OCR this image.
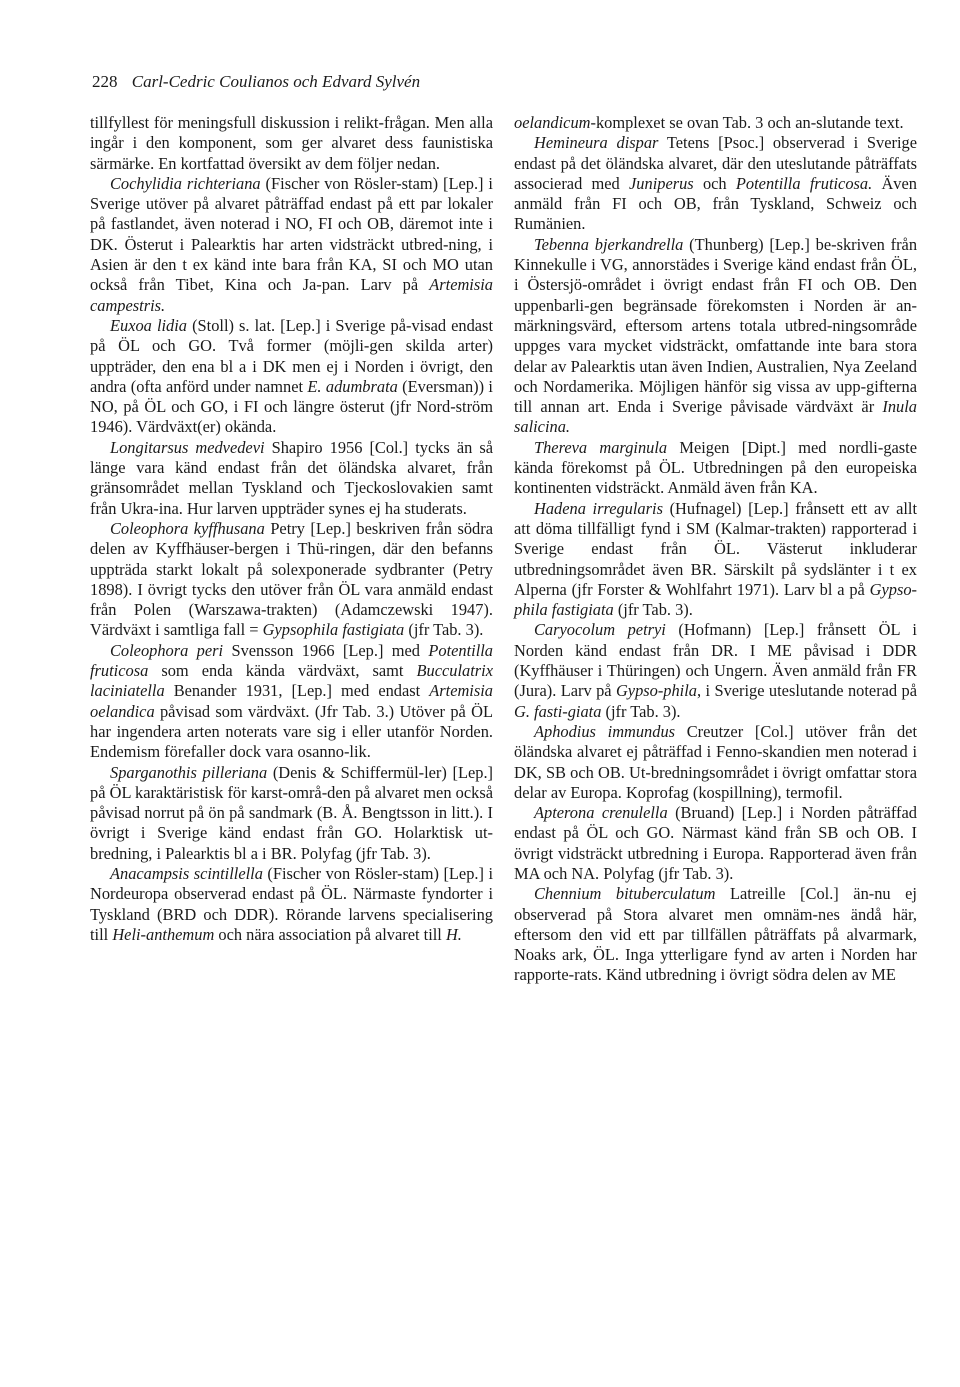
228 Carl-Cedric Coulianos och Edvard Sylvén

tillfyllest för meningsfull diskussion i relikt-frågan. Men alla ingår i den komponent, som ger alvaret dess faunistiska särmärke. En kortfattad översikt av dem följer nedan.

Cochylidia richteriana (Fischer von Rösler-stam) [Lep.] i Sverige utöver på alvaret påträffad endast på ett par lokaler på fastlandet, även noterad i NO, FI och OB, däremot inte i DK. Österut i Palearktis har arten vidsträckt utbred-ning, i Asien är den t ex känd inte bara från KA, SI och MO utan också från Tibet, Kina och Ja-pan. Larv på Artemisia campestris.

Euxoa lidia (Stoll) s. lat. [Lep.] i Sverige på-visad endast på ÖL och GO. Två former (möjli-gen skilda arter) uppträder, den ena bl a i DK men ej i Norden i övrigt, den andra (ofta anförd under namnet E. adumbrata (Eversman)) i NO, på ÖL och GO, i FI och längre österut (jfr Nord-ström 1946). Värdväxt(er) okända.

Longitarsus medvedevi Shapiro 1956 [Col.] tycks än så länge vara känd endast från det öländska alvaret, från gränsområdet mellan Tyskland och Tjeckoslovakien samt från Ukra-ina. Hur larven uppträder synes ej ha studerats.

Coleophora kyffhusana Petry [Lep.] beskriven från södra delen av Kyffhäuser-bergen i Thü-ringen, där den befanns uppträda starkt lokalt på solexponerade sydbranter (Petry 1898). I övrigt tycks den utöver från ÖL vara anmäld endast från Polen (Warszawa-trakten) (Adamczewski 1947). Värdväxt i samtliga fall = Gypsophila fastigiata (jfr Tab. 3).

Coleophora peri Svensson 1966 [Lep.] med Potentilla fruticosa som enda kända värdväxt, samt Bucculatrix laciniatella Benander 1931, [Lep.] med endast Artemisia oelandica påvisad som värdväxt. (Jfr Tab. 3.) Utöver på ÖL har ingendera arten noterats vare sig i eller utanför Norden. Endemism förefaller dock vara osanno-lik.

Sparganothis pilleriana (Denis & Schiffermül-ler) [Lep.] på ÖL karaktäristisk för karst-områ-den på alvaret men också påvisad norrut på ön på sandmark (B. Å. Bengtsson in litt.). I övrigt i Sverige känd endast från GO. Holarktisk ut-bredning, i Palearktis bl a i BR. Polyfag (jfr Tab. 3).

Anacampsis scintillella (Fischer von Rösler-stam) [Lep.] i Nordeuropa observerad endast på ÖL. Närmaste fyndorter i Tyskland (BRD och DDR). Rörande larvens specialisering till Heli-anthemum och nära association på alvaret till H.

oelandicum-komplexet se ovan Tab. 3 och an-slutande text.

Hemineura dispar Tetens [Psoc.] observerad i Sverige endast på det öländska alvaret, där den uteslutande påträffats associerad med Juniperus och Potentilla fruticosa. Även anmäld från FI och OB, från Tyskland, Schweiz och Rumänien.

Tebenna bjerkandrella (Thunberg) [Lep.] be-skriven från Kinnekulle i VG, annorstädes i Sverige känd endast från ÖL, i Östersjö-området i övrigt endast från FI och OB. Den uppenbarli-gen begränsade förekomsten i Norden är an-märkningsvärd, eftersom artens totala utbred-ningsområde uppges vara mycket vidsträckt, omfattande inte bara stora delar av Palearktis utan även Indien, Australien, Nya Zeeland och Nordamerika. Möjligen hänför sig vissa av upp-gifterna till annan art. Enda i Sverige påvisade värdväxt är Inula salicina.

Thereva marginula Meigen [Dipt.] med nordli-gaste kända förekomst på ÖL. Utbredningen på den europeiska kontinenten vidsträckt. Anmäld även från KA.

Hadena irregularis (Hufnagel) [Lep.] frånsett ett av allt att döma tillfälligt fynd i SM (Kalmar-trakten) rapporterad i Sverige endast från ÖL. Västerut inkluderar utbredningsområdet även BR. Särskilt på sydslänter i t ex Alperna (jfr Forster & Wohlfahrt 1971). Larv bl a på Gypso-phila fastigiata (jfr Tab. 3).

Caryocolum petryi (Hofmann) [Lep.] frånsett ÖL i Norden känd endast från DR. I ME påvisad i DDR (Kyffhäuser i Thüringen) och Ungern. Även anmäld från FR (Jura). Larv på Gypso-phila, i Sverige uteslutande noterad på G. fasti-giata (jfr Tab. 3).

Aphodius immundus Creutzer [Col.] utöver från det öländska alvaret ej påträffad i Fenno-skandien men noterad i DK, SB och OB. Ut-bredningsområdet i övrigt omfattar stora delar av Europa. Koprofag (kospillning), termofil.

Apterona crenulella (Bruand) [Lep.] i Norden påträffad endast på ÖL och GO. Närmast känd från SB och OB. I övrigt vidsträckt utbredning i Europa. Rapporterad även från MA och NA. Polyfag (jfr Tab. 3).

Chennium bituberculatum Latreille [Col.] än-nu ej observerad på Stora alvaret men omnäm-nes ändå här, eftersom den vid ett par tillfällen påträffats på alvarmark, Noaks ark, ÖL. Inga ytterligare fynd av arten i Norden har rapporte-rats. Känd utbredning i övrigt södra delen av ME
